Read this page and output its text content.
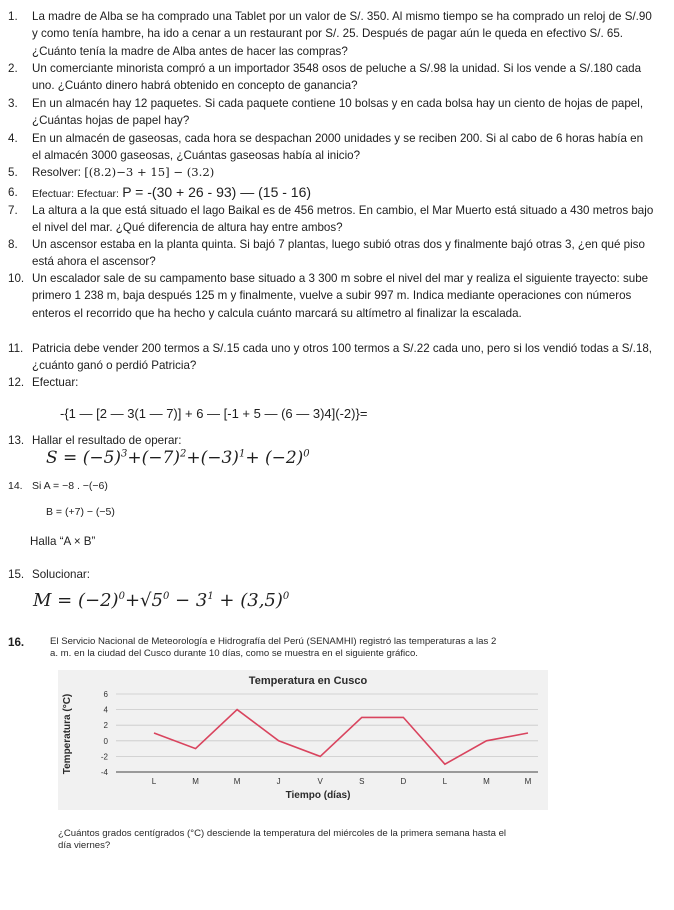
1.	La madre de Alba se ha comprado una Tablet por un valor de S/. 350. Al mismo tiempo se ha comprado un reloj de S/.90 y como tenía hambre, ha ido a cenar a un restaurant por S/. 25. Después de pagar aún le queda en efectivo S/. 65. ¿Cuánto tenía la madre de Alba antes de hacer las compras?
2.	Un comerciante minorista compró a un importador 3548 osos de peluche a S/.98 la unidad. Si los vende a S/.180 cada uno. ¿Cuánto dinero habrá obtenido en concepto de ganancia?
3.	En un almacén hay 12 paquetes. Si cada paquete contiene 10 bolsas y en cada bolsa hay un ciento de hojas de papel, ¿Cuántas hojas de papel hay?
4.	En un almacén de gaseosas, cada hora se despachan 2000 unidades y se reciben 200. Si al cabo de 6 horas había en el almacén 3000 gaseosas, ¿Cuántas gaseosas había al inicio?
5.	Resolver: [(8.2)−3 + 15] − (3.2)
6.	Efectuar: Efectuar: P = -(30 + 26 - 93) — (15 - 16)
7.	La altura a la que está situado el lago Baikal es de 456 metros. En cambio, el Mar Muerto está situado a 430 metros bajo el nivel del mar. ¿Qué diferencia de altura hay entre ambos?
8.	Un ascensor estaba en la planta quinta. Si bajó 7 plantas, luego subió otras dos y finalmente bajó otras 3, ¿en qué piso está ahora el ascensor?
10. Un escalador sale de su campamento base situado a 3 300 m sobre el nivel del mar y realiza el siguiente trayecto: sube primero 1 238 m, baja después 125 m y finalmente, vuelve a subir 997 m. Indica mediante operaciones con números enteros el recorrido que ha hecho y calcula cuánto marcará su altímetro al finalizar la escalada.
11. Patricia debe vender 200 termos a S/.15 cada uno y otros 100 termos a S/.22 cada uno, pero si los vendió todas a S/.18, ¿cuánto ganó o perdió Patricia?
12. Efectuar:
-{1 — [2 — 3(1 — 7)] + 6 — [-1 + 5 — (6 — 3)4](-2)}=
13. Hallar el resultado de operar:
$S = (-5)^3+(-7)^2+(-3)^1+ (-2)^0$
14. Si A = −8 . −(−6)
B = (+7) − (−5)
Halla “A × B”
15. Solucionar:
$M = (-2)^0+√5^0 - 3^1 + (3,5)^0$
16.	El Servicio Nacional de Meteorología e Hidrografía del Perú (SENAMHI) registró las temperaturas a las 2 a. m. en la ciudad del Cusco durante 10 días, como se muestra en el siguiente gráfico.
Temperatura en Cusco
Temperatura (°C)
Tiempo (días)
6
4
2
0
-2
-4
L	M	M	J	V	S	D	L	M	M
¿Cuántos grados centígrados (°C) desciende la temperatura del miércoles de la primera semana hasta el día viernes?
